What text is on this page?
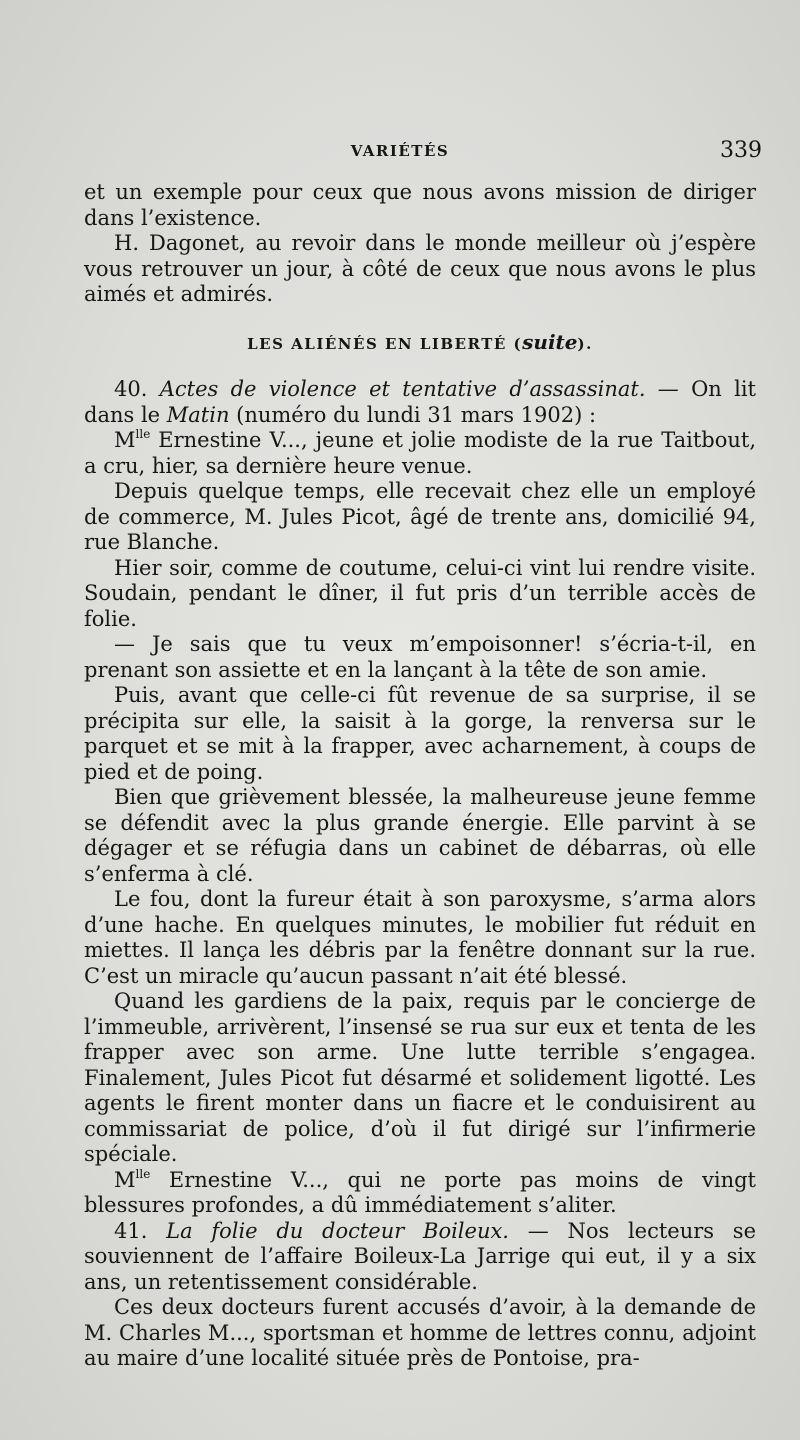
VARIÉTÉS	339

et un exemple pour ceux que nous avons mission de diriger dans l’existence.

H. Dagonet, au revoir dans le monde meilleur où j’espère vous retrouver un jour, à côté de ceux que nous avons le plus aimés et admirés.

LES ALIÉNÉS EN LIBERTÉ (suite).

40. Actes de violence et tentative d’assassinat. — On lit dans le Matin (numéro du lundi 31 mars 1902) :

$M^{lle}$ Ernestine V..., jeune et jolie modiste de la rue Taitbout, a cru, hier, sa dernière heure venue.

Depuis quelque temps, elle recevait chez elle un employé de commerce, M. Jules Picot, âgé de trente ans, domicilié 94, rue Blanche.

Hier soir, comme de coutume, celui-ci vint lui rendre visite. Soudain, pendant le dîner, il fut pris d’un terrible accès de folie.

— Je sais que tu veux m’empoisonner! s’écria-t-il, en prenant son assiette et en la lançant à la tête de son amie.

Puis, avant que celle-ci fût revenue de sa surprise, il se précipita sur elle, la saisit à la gorge, la renversa sur le parquet et se mit à la frapper, avec acharnement, à coups de pied et de poing.

Bien que grièvement blessée, la malheureuse jeune femme se défendit avec la plus grande énergie. Elle parvint à se dégager et se réfugia dans un cabinet de débarras, où elle s’enferma à clé.

Le fou, dont la fureur était à son paroxysme, s’arma alors d’une hache. En quelques minutes, le mobilier fut réduit en miettes. Il lança les débris par la fenêtre donnant sur la rue. C’est un miracle qu’aucun passant n’ait été blessé.

Quand les gardiens de la paix, requis par le concierge de l’immeuble, arrivèrent, l’insensé se rua sur eux et tenta de les frapper avec son arme. Une lutte terrible s’engagea. Finalement, Jules Picot fut désarmé et solidement ligotté. Les agents le firent monter dans un fiacre et le conduisirent au commissariat de police, d’où il fut dirigé sur l’infirmerie spéciale.

$M^{lle}$ Ernestine V..., qui ne porte pas moins de vingt blessures profondes, a dû immédiatement s’aliter.

41. La folie du docteur Boileux. — Nos lecteurs se souviennent de l’affaire Boileux-La Jarrige qui eut, il y a six ans, un retentissement considérable.

Ces deux docteurs furent accusés d’avoir, à la demande de M. Charles M..., sportsman et homme de lettres connu, adjoint au maire d’une localité située près de Pontoise, pra-
